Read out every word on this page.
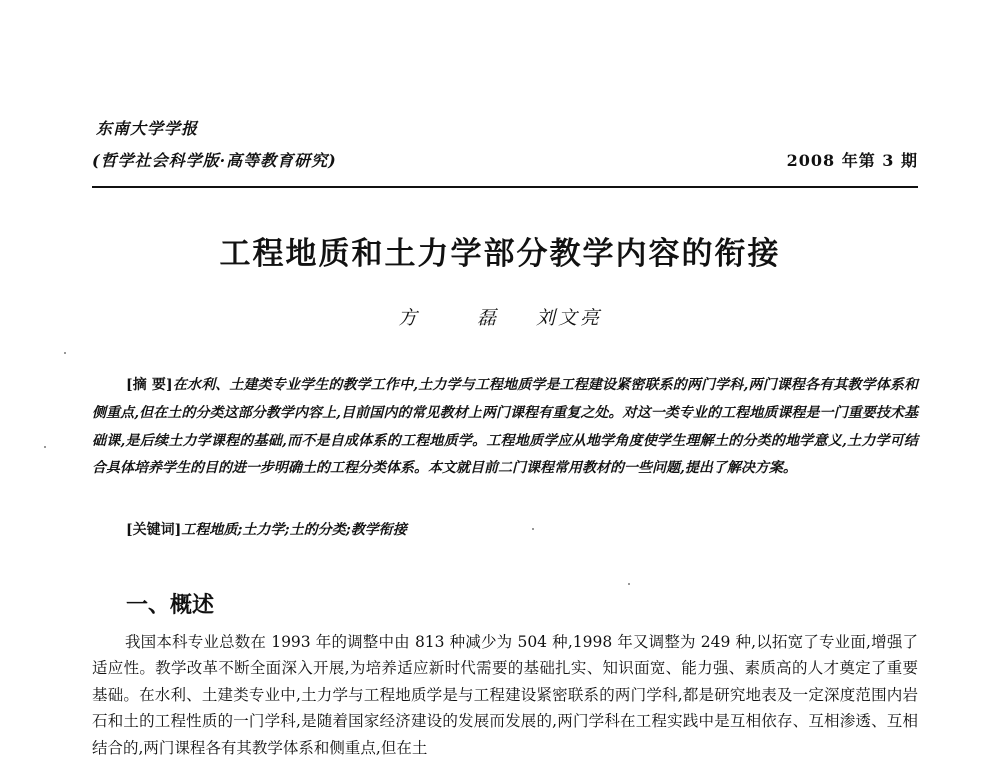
东南大学学报
(哲学社会科学版·高等教育研究)	2008 年第 3 期
工程地质和土力学部分教学内容的衔接
方 磊 刘文亮
[摘 要]在水利、土建类专业学生的教学工作中,土力学与工程地质学是工程建设紧密联系的两门学科,两门课程各有其教学体系和侧重点,但在土的分类这部分教学内容上,目前国内的常见教材上两门课程有重复之处。对这一类专业的工程地质课程是一门重要技术基础课,是后续土力学课程的基础,而不是自成体系的工程地质学。工程地质学应从地学角度使学生理解土的分类的地学意义,土力学可结合具体培养学生的目的进一步明确土的工程分类体系。本文就目前二门课程常用教材的一些问题,提出了解决方案。
[关键词]工程地质;土力学;土的分类;教学衔接
一、概述
我国本科专业总数在 1993 年的调整中由 813 种减少为 504 种,1998 年又调整为 249 种,以拓宽了专业面,增强了适应性。教学改革不断全面深入开展,为培养适应新时代需要的基础扎实、知识面宽、能力强、素质高的人才奠定了重要基础。在水利、土建类专业中,土力学与工程地质学是与工程建设紧密联系的两门学科,都是研究地表及一定深度范围内岩石和土的工程性质的一门学科,是随着国家经济建设的发展而发展的,两门学科在工程实践中是互相依存、互相渗透、互相结合的,两门课程各有其教学体系和侧重点,但在土
